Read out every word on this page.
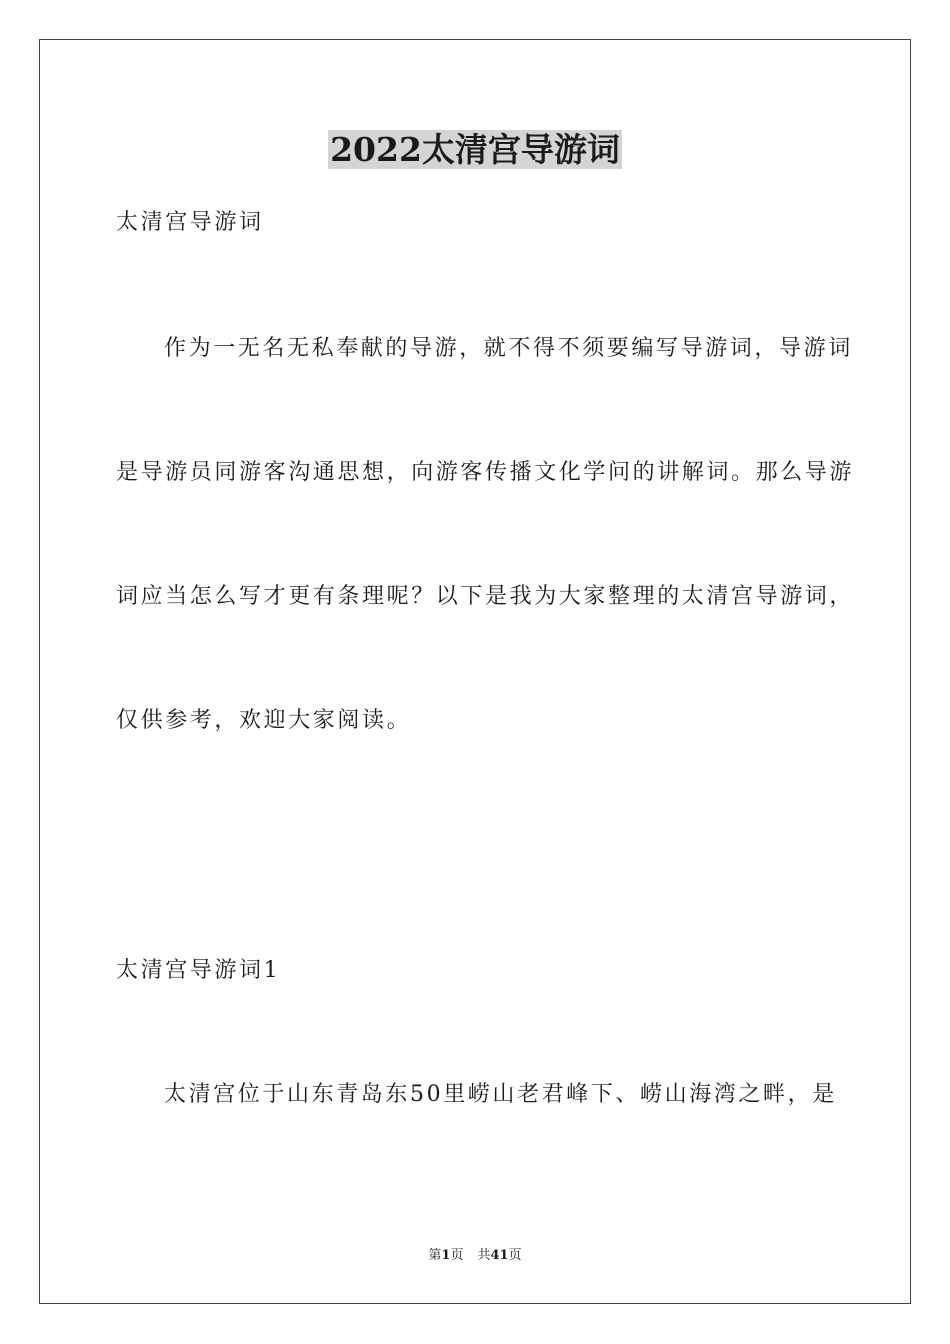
2022太清宫导游词
太清宫导游词
作为一无名无私奉献的导游，就不得不须要编写导游词，导游词
是导游员同游客沟通思想，向游客传播文化学问的讲解词。那么导游
词应当怎么写才更有条理呢？以下是我为大家整理的太清宫导游词，
仅供参考，欢迎大家阅读。
太清宫导游词1
太清宫位于山东青岛东50里崂山老君峰下、崂山海湾之畔，是
第1页 共41页
